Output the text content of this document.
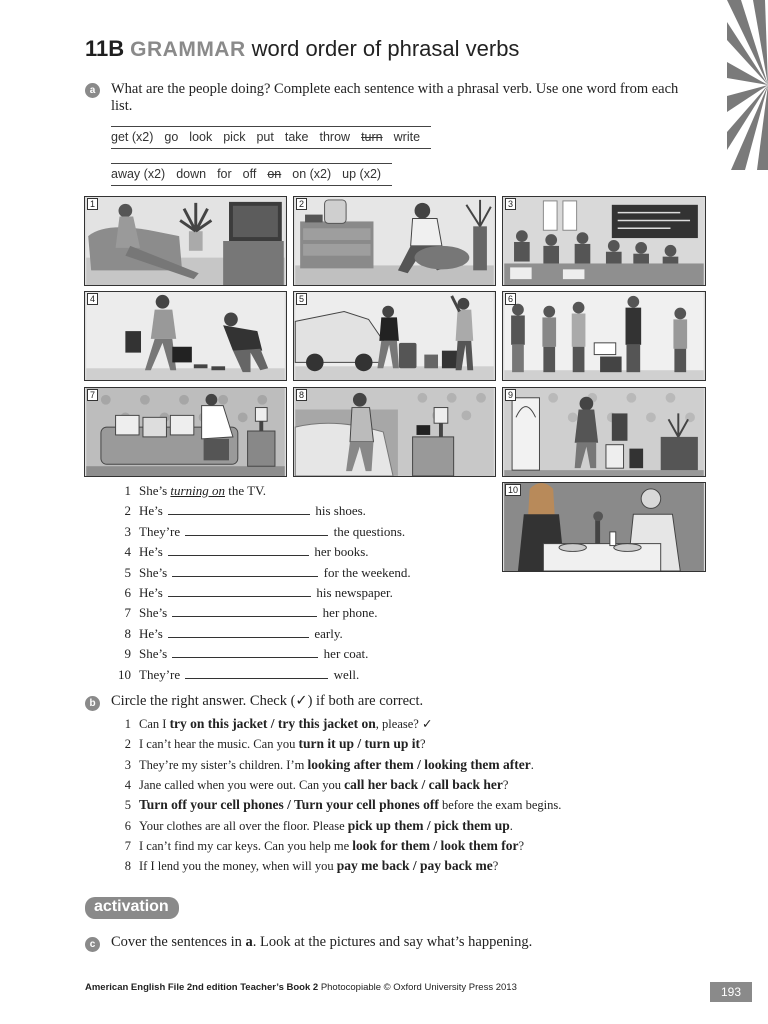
11B GRAMMAR word order of phrasal verbs
a	What are the people doing? Complete each sentence with a phrasal verb. Use one word from each list.
get (x2) go look pick put take throw turn write
away (x2) down for off on on (x2) up (x2)
1	2	3
4	5	6
7	8	9
10
1 She’s turning on the TV.
2 He’s	his shoes.
3 They’re	the questions.
4 He’s	her books.
5 She’s	for the weekend.
6 He’s	his newspaper.
7 She’s	her phone.
8 He’s	early.
9 She’s	her coat.
10 They’re	well.
b	Circle the right answer. Check (✓) if both are correct.
1 Can I try on this jacket / try this jacket on, please? ✓
2 I can’t hear the music. Can you turn it up / turn up it?
3 They’re my sister’s children. I’m looking after them / looking them after.
4 Jane called when you were out. Can you call her back / call back her?
5 Turn off your cell phones / Turn your cell phones off before the exam begins.
6 Your clothes are all over the floor. Please pick up them / pick them up.
7 I can’t find my car keys. Can you help me look for them / look them for?
8 If I lend you the money, when will you pay me back / pay back me?
activation
c	Cover the sentences in a. Look at the pictures and say what’s happening.
American English File 2nd edition Teacher’s Book 2 Photocopiable © Oxford University Press 2013	193
